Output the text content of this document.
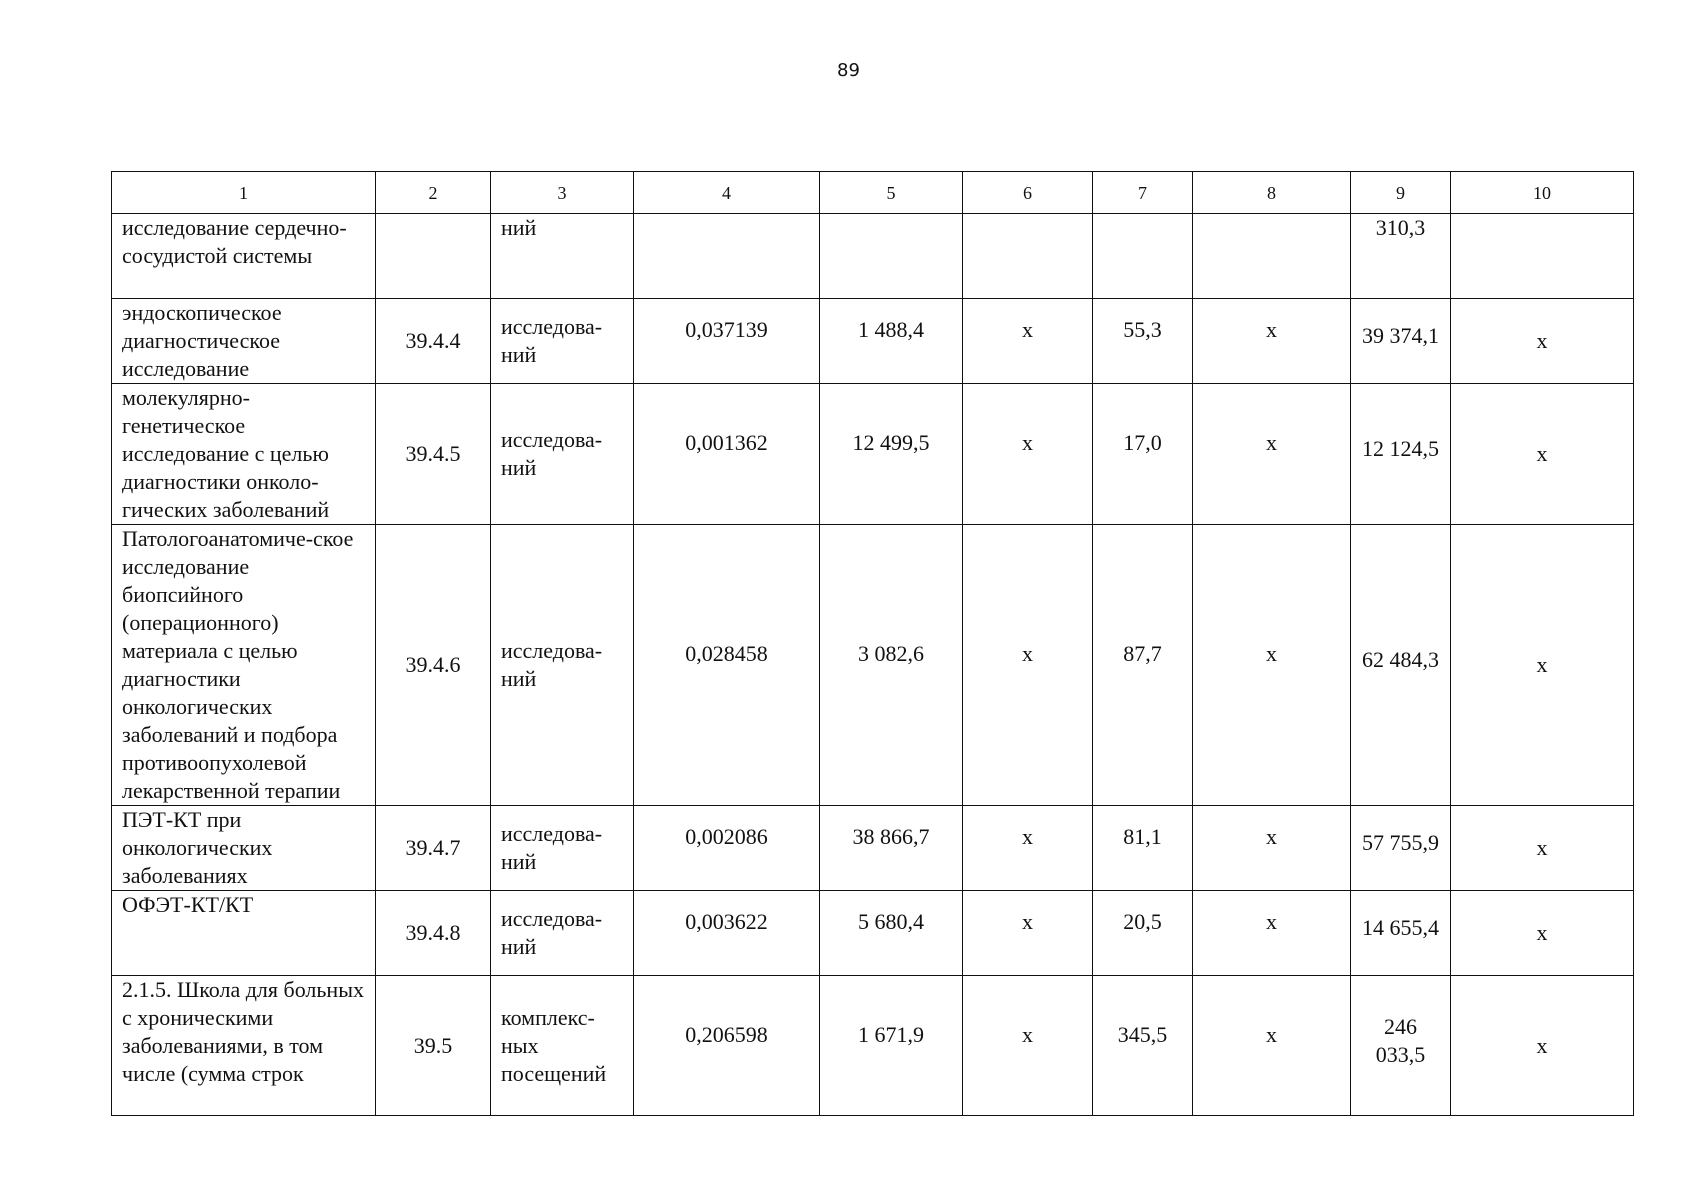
89
1	2	3	4	5	6	7	8	9	10
исследование сердечно-сосудистой системы		ний						310,3	

эндоскопическое диагностическое исследование	39.4.4	исследова-ний	0,037139	1 488,4	х	55,3	х	39 374,1	х
молекулярно-генетическое исследование с целью диагностики онколо-гических заболеваний	39.4.5	исследова-ний	0,001362	12 499,5	х	17,0	х	12 124,5	х
Патологоанатомиче-ское исследование биопсийного (операционного) материала с целью диагностики онкологических заболеваний и подбора противоопухолевой лекарственной терапии	39.4.6	исследова-ний	0,028458	3 082,6	х	87,7	х	62 484,3	х
ПЭТ-КТ при онкологических заболеваниях	39.4.7	исследова-ний	0,002086	38 866,7	х	81,1	х	57 755,9	х
ОФЭТ-КТ/КТ	39.4.8	исследова-ний	0,003622	5 680,4	х	20,5	х	14 655,4	х
2.1.5. Школа для больных с хроническими заболеваниями, в том числе (сумма строк	39.5	комплекс-ных посещений	0,206598	1 671,9	х	345,5	х	246 033,5	х
